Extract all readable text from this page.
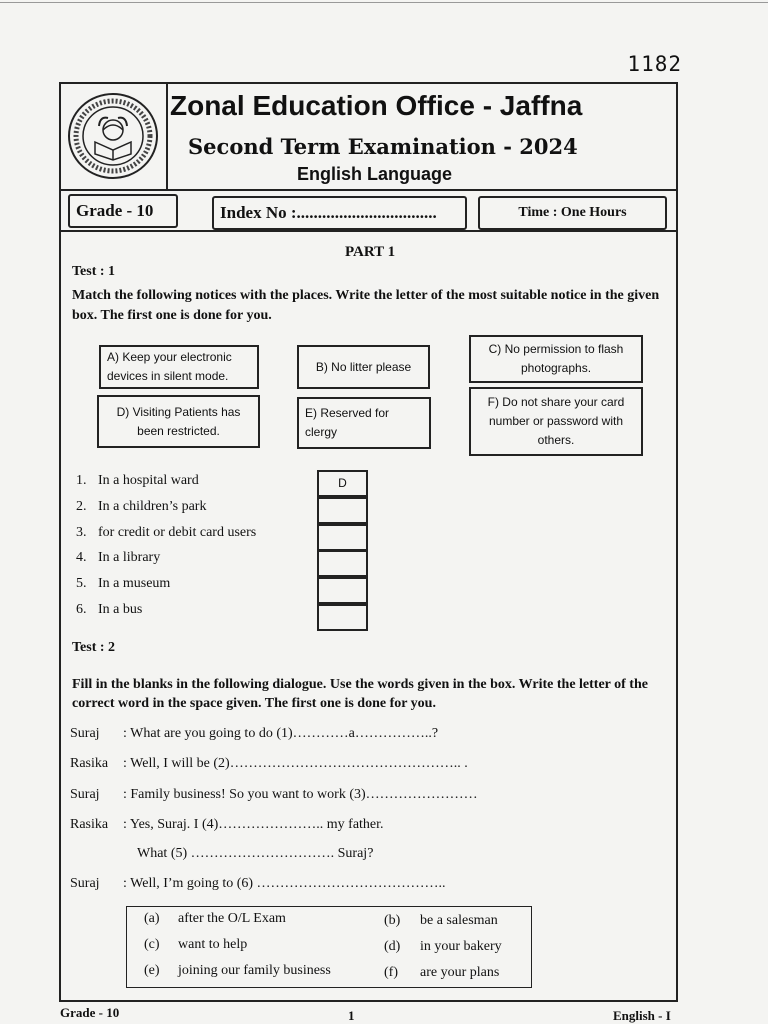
1182
Zonal Education Office - Jaffna
Second Term Examination - 2024
English Language
Grade - 10	Index No :.................................	Time : One Hours
PART 1
Test : 1
Match the following notices with the places. Write the letter of the most suitable notice in the given box. The first one is done for you.
A) Keep your electronic devices in silent mode.
B) No litter please
C) No permission to flash photographs.
D) Visiting Patients has been restricted.
E) Reserved for clergy
F) Do not share your card number or password with others.
1. In a hospital ward
2. In a children’s park
3. for credit or debit card users
4. In a library
5. In a museum
6. In a bus
D
Test : 2
Fill in the blanks in the following dialogue. Use the words given in the box. Write the letter of the correct word in the space given. The first one is done for you.
Suraj : What are you going to do (1)…………a……………..?
Rasika : Well, I will be (2)………………………………………….. .
Suraj : Family business! So you want to work (3)……………………
Rasika : Yes, Suraj. I (4)………………….. my father.
What (5) …………………………. Suraj?
Suraj : Well, I’m going to (6) …………………………………..
(a) after the O/L Exam	(b) be a salesman
(c) want to help	(d) in your bakery
(e) joining our family business	(f) are your plans
Grade - 10	1	English - I
